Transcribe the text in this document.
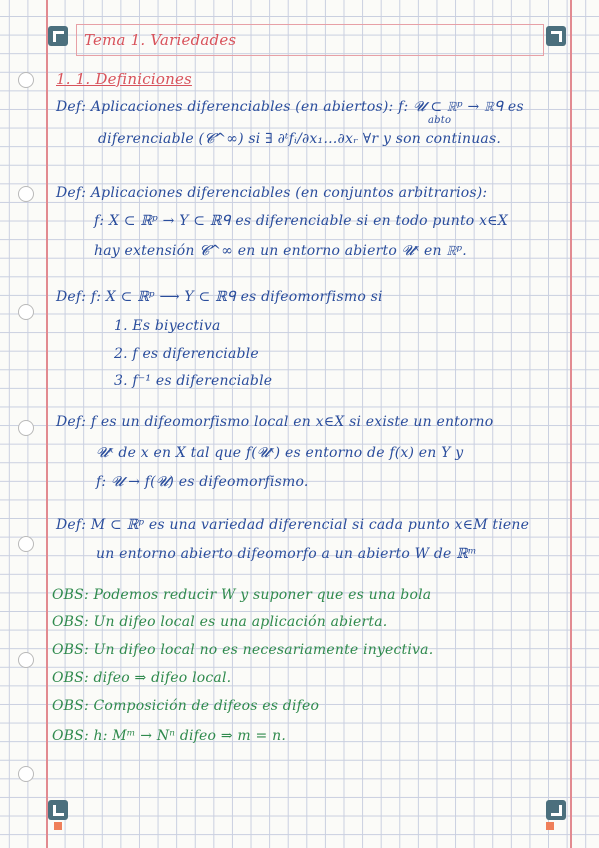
Tema 1. Variedades
1. 1. Definiciones
Def: Aplicaciones diferenciables (en abiertos): f: 𝓤 ⊂ ℝᵖ → ℝᑫ es
abto
diferenciable (𝓒^∞) si ∃ ∂ᵗfᵢ/∂x₁…∂xᵣ ∀r y son continuas.
Def: Aplicaciones diferenciables (en conjuntos arbitrarios):
f: X ⊂ ℝᵖ → Y ⊂ ℝᑫ es diferenciable si en todo punto x∈X
hay extensión 𝓒^∞ en un entorno abierto 𝓤ˣ en ℝᵖ.
Def: f: X ⊂ ℝᵖ ⟶ Y ⊂ ℝᑫ es difeomorfismo si
1. Es biyectiva
2. f es diferenciable
3. f⁻¹ es diferenciable
Def: f es un difeomorfismo local en x∈X si existe un entorno
𝓤ˣ de x en X tal que f(𝓤ˣ) es entorno de f(x) en Y y
f: 𝓤 → f(𝓤) es difeomorfismo.
Def: M ⊂ ℝᵖ es una variedad diferencial si cada punto x∈M tiene
un entorno abierto difeomorfo a un abierto W de ℝᵐ
OBS: Podemos reducir W y suponer que es una bola
OBS: Un difeo local es una aplicación abierta.
OBS: Un difeo local no es necesariamente inyectiva.
OBS: difeo ⇒ difeo local.
OBS: Composición de difeos es difeo
OBS: h: Mᵐ → Nⁿ difeo ⇒ m = n.
